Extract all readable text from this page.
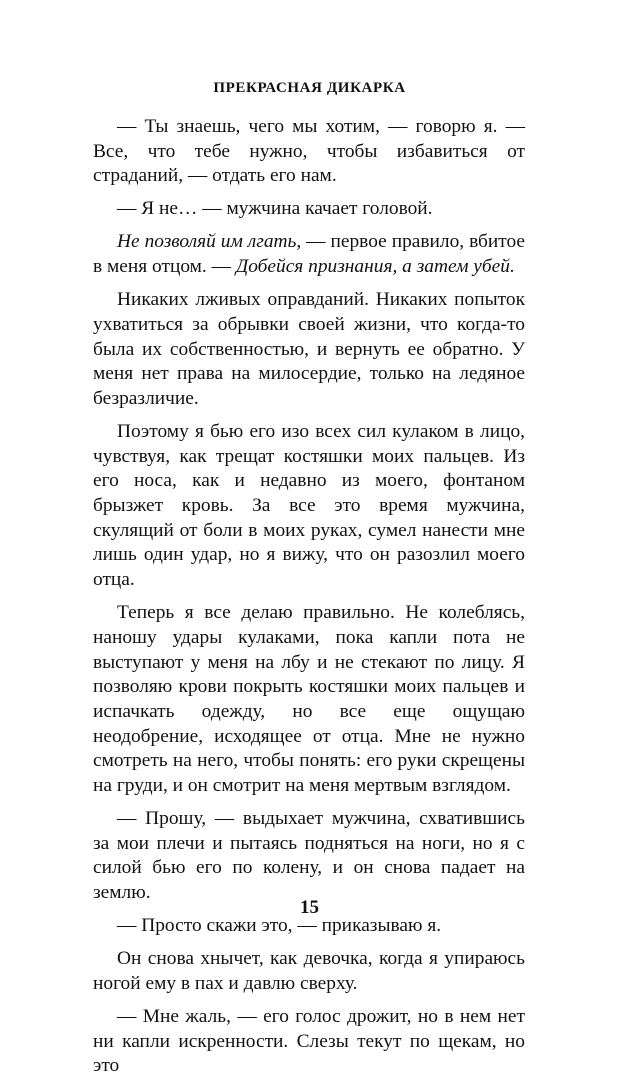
ПРЕКРАСНАЯ ДИКАРКА

— Ты знаешь, чего мы хотим, — говорю я. — Все, что тебе нужно, чтобы избавиться от страданий, — отдать его нам.

— Я не… — мужчина качает головой.

Не позволяй им лгать, — первое правило, вбитое в меня отцом. — Добейся признания, а затем убей.

Никаких лживых оправданий. Никаких попыток ухватиться за обрывки своей жизни, что когда-то была их собственностью, и вернуть ее обратно. У меня нет права на милосердие, только на ледяное безразличие.

Поэтому я бью его изо всех сил кулаком в лицо, чувствуя, как трещат костяшки моих пальцев. Из его носа, как и недавно из моего, фонтаном брызжет кровь. За все это время мужчина, скулящий от боли в моих руках, сумел нанести мне лишь один удар, но я вижу, что он разозлил моего отца.

Теперь я все делаю правильно. Не колеблясь, наношу удары кулаками, пока капли пота не выступают у меня на лбу и не стекают по лицу. Я позволяю крови покрыть костяшки моих пальцев и испачкать одежду, но все еще ощущаю неодобрение, исходящее от отца. Мне не нужно смотреть на него, чтобы понять: его руки скрещены на груди, и он смотрит на меня мертвым взглядом.

— Прошу, — выдыхает мужчина, схватившись за мои плечи и пытаясь подняться на ноги, но я с силой бью его по колену, и он снова падает на землю.

— Просто скажи это, — приказываю я.

Он снова хнычет, как девочка, когда я упираюсь ногой ему в пах и давлю сверху.

— Мне жаль, — его голос дрожит, но в нем нет ни капли искренности. Слезы текут по щекам, но это

15
